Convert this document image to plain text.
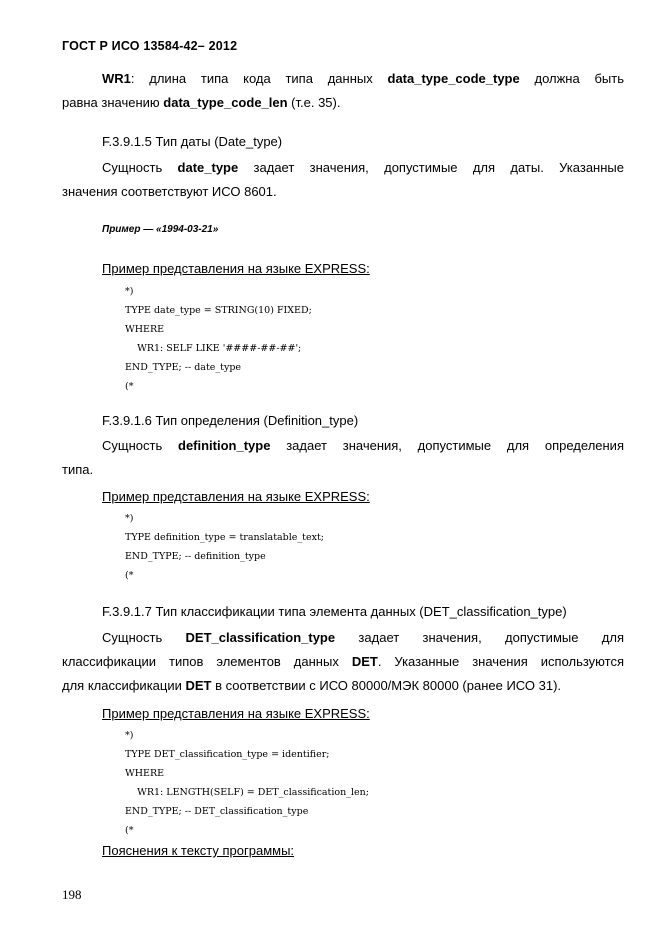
ГОСТ Р ИСО 13584-42– 2012
WR1: длина типа кода типа данных data_type_code_type должна быть
равна значению data_type_code_len (т.е. 35).
F.3.9.1.5 Тип даты (Date_type)
Сущность date_type задает значения, допустимые для даты. Указанные
значения соответствуют ИСО 8601.
Пример — «1994-03-21»
Пример представления на языке EXPRESS:
*)
TYPE date_type = STRING(10) FIXED;
WHERE
WR1: SELF LIKE '####-##-##';
END_TYPE; -- date_type
(*
F.3.9.1.6 Тип определения (Definition_type)
Сущность definition_type задает значения, допустимые для определения
типа.
Пример представления на языке EXPRESS:
*)
TYPE definition_type = translatable_text;
END_TYPE; -- definition_type
(*
F.3.9.1.7 Тип классификации типа элемента данных (DET_classification_type)
Сущность DET_classification_type задает значения, допустимые для
классификации типов элементов данных DET. Указанные значения используются
для классификации DET в соответствии с ИСО 80000/МЭК 80000 (ранее ИСО 31).
Пример представления на языке EXPRESS:
*)
TYPE DET_classification_type = identifier;
WHERE
WR1: LENGTH(SELF) = DET_classification_len;
END_TYPE; -- DET_classification_type
(*
Пояснения к тексту программы:
198
